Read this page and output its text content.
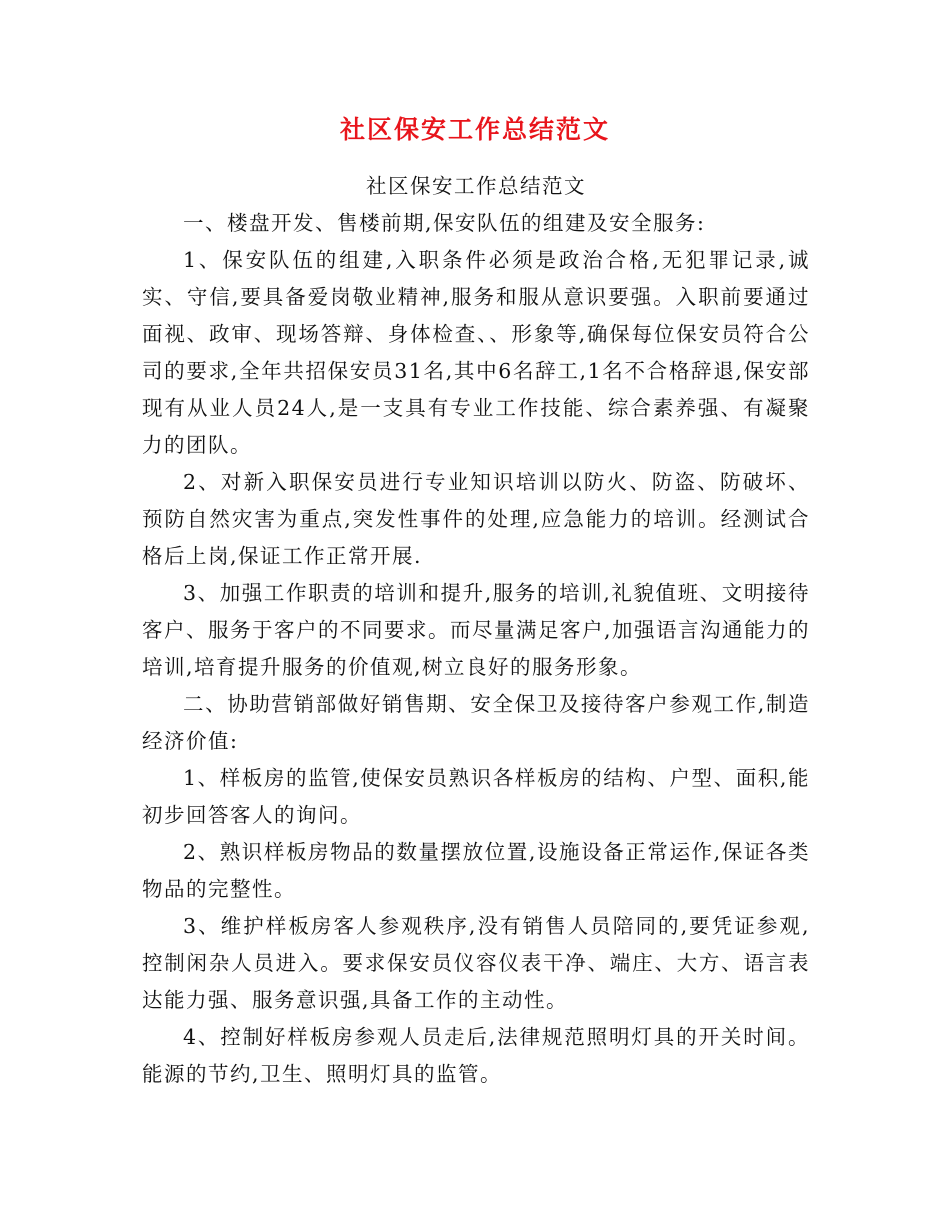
社区保安工作总结范文

社区保安工作总结范文

一、楼盘开发、售楼前期,保安队伍的组建及安全服务:

1、保安队伍的组建,入职条件必须是政治合格,无犯罪记录,诚实、守信,要具备爱岗敬业精神,服务和服从意识要强。入职前要通过面视、政审、现场答辩、身体检查、、形象等,确保每位保安员符合公司的要求,全年共招保安员31名,其中6名辞工,1名不合格辞退,保安部现有从业人员24人,是一支具有专业工作技能、综合素养强、有凝聚力的团队。

2、对新入职保安员进行专业知识培训以防火、防盗、防破坏、预防自然灾害为重点,突发性事件的处理,应急能力的培训。经测试合格后上岗,保证工作正常开展.

3、加强工作职责的培训和提升,服务的培训,礼貌值班、文明接待客户、服务于客户的不同要求。而尽量满足客户,加强语言沟通能力的培训,培育提升服务的价值观,树立良好的服务形象。

二、协助营销部做好销售期、安全保卫及接待客户参观工作,制造经济价值:

1、样板房的监管,使保安员熟识各样板房的结构、户型、面积,能初步回答客人的询问。

2、熟识样板房物品的数量摆放位置,设施设备正常运作,保证各类物品的完整性。

3、维护样板房客人参观秩序,没有销售人员陪同的,要凭证参观,控制闲杂人员进入。要求保安员仪容仪表干净、端庄、大方、语言表达能力强、服务意识强,具备工作的主动性。

4、控制好样板房参观人员走后,法律规范照明灯具的开关时间。能源的节约,卫生、照明灯具的监管。
